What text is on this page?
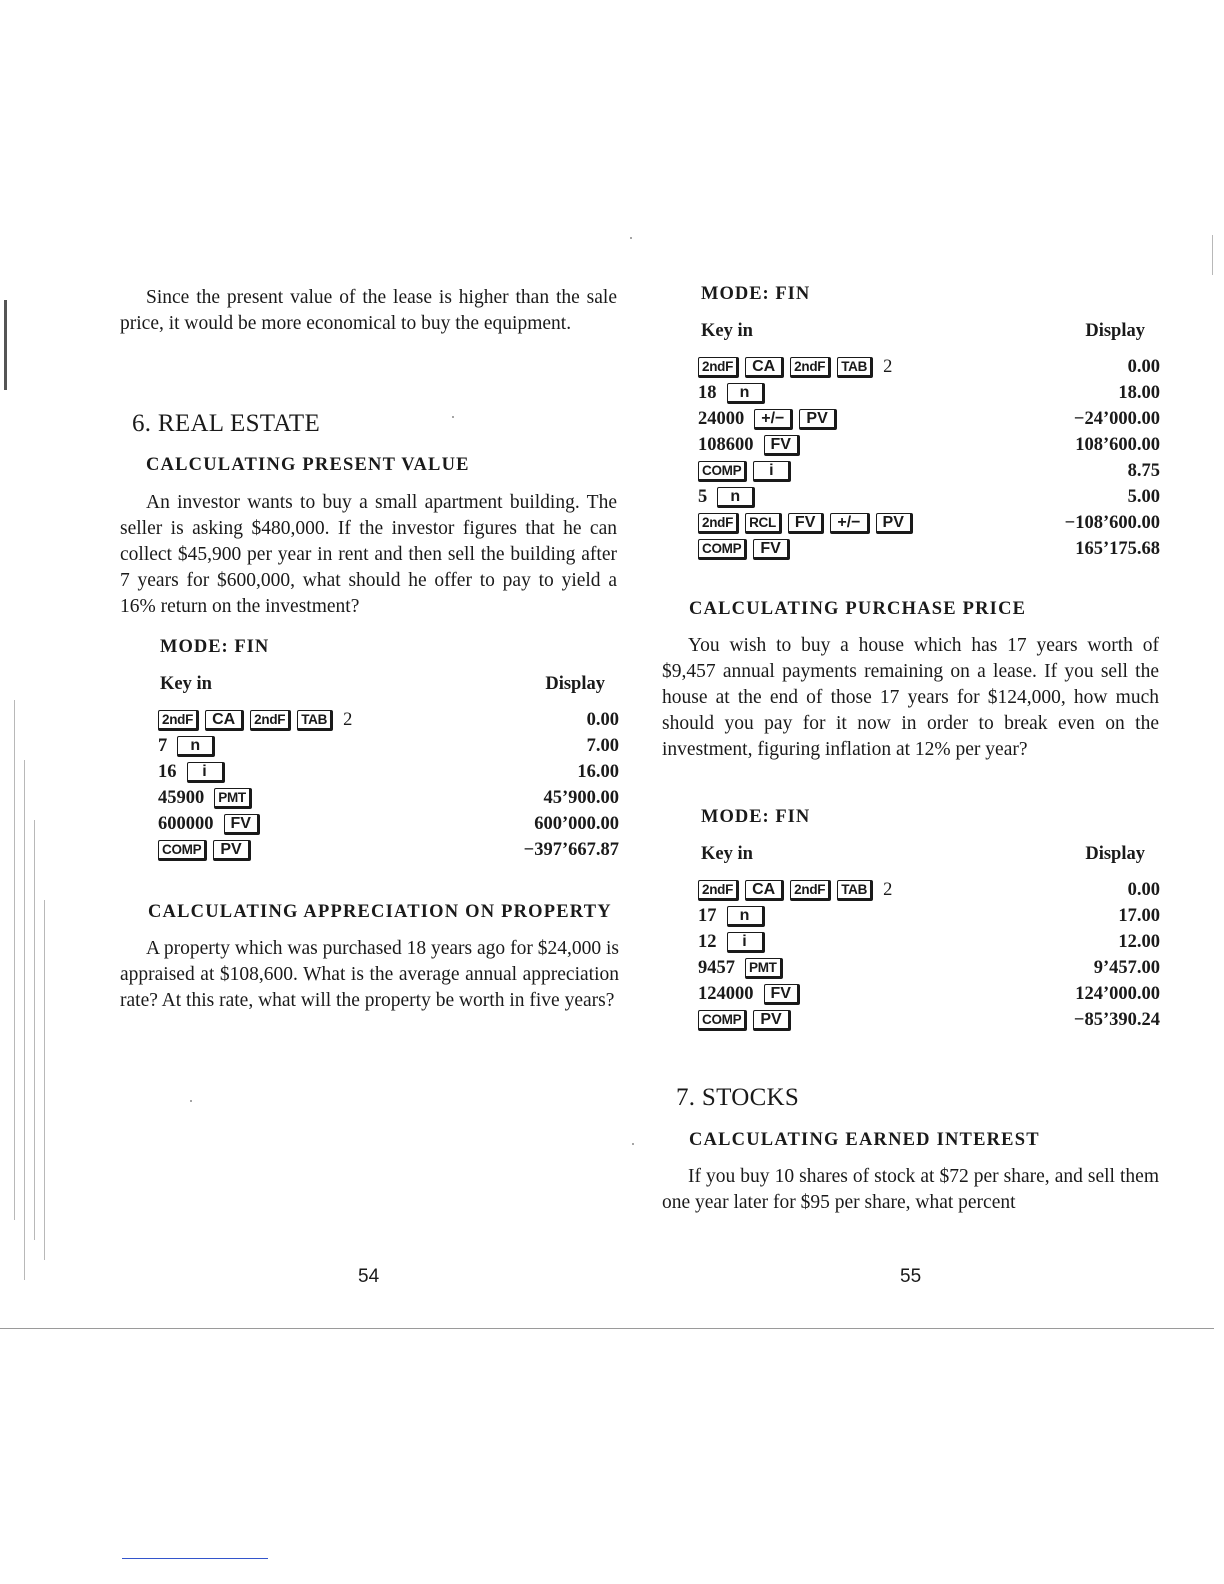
Since the present value of the lease is higher than the sale price, it would be more economical to buy the equipment.

6. REAL ESTATE
CALCULATING PRESENT VALUE

An investor wants to buy a small apartment building. The seller is asking $480,000. If the investor figures that he can collect $45,900 per year in rent and then sell the building after 7 years for $600,000, what should he offer to pay to yield a 16% return on the investment?

MODE: FIN
Key in	Display
2ndF	CA	2ndF	TAB 2	0.00
7	n	7.00
16	i	16.00
45900 PMT	45’900.00
600000	FV	600’000.00
COMP	PV	−397’667.87
CALCULATING APPRECIATION ON PROPERTY

A property which was purchased 18 years ago for $24,000 is appraised at $108,600. What is the average annual appreciation rate? At this rate, what will the property be worth in five years?

54
MODE: FIN
Key in	Display
2ndF	CA	2ndF	TAB 2	0.00
18	n	18.00
24000	+/−	PV	−24’000.00
108600	FV	108’600.00
COMP	i	8.75
5	n	5.00
2ndF	RCL	FV	+/−	PV	−108’600.00
COMP	FV	165’175.68
CALCULATING PURCHASE PRICE

You wish to buy a house which has 17 years worth of $9,457 annual payments remaining on a lease. If you sell the house at the end of those 17 years for $124,000, how much should you pay for it now in order to break even on the investment, figuring inflation at 12% per year?

MODE: FIN
Key in	Display
2ndF	CA	2ndF	TAB 2	0.00
17	n	17.00
12	i	12.00
9457 PMT	9’457.00
124000	FV	124’000.00
COMP	PV	−85’390.24
7. STOCKS
CALCULATING EARNED INTEREST

If you buy 10 shares of stock at $72 per share, and sell them one year later for $95 per share, what percent

55
